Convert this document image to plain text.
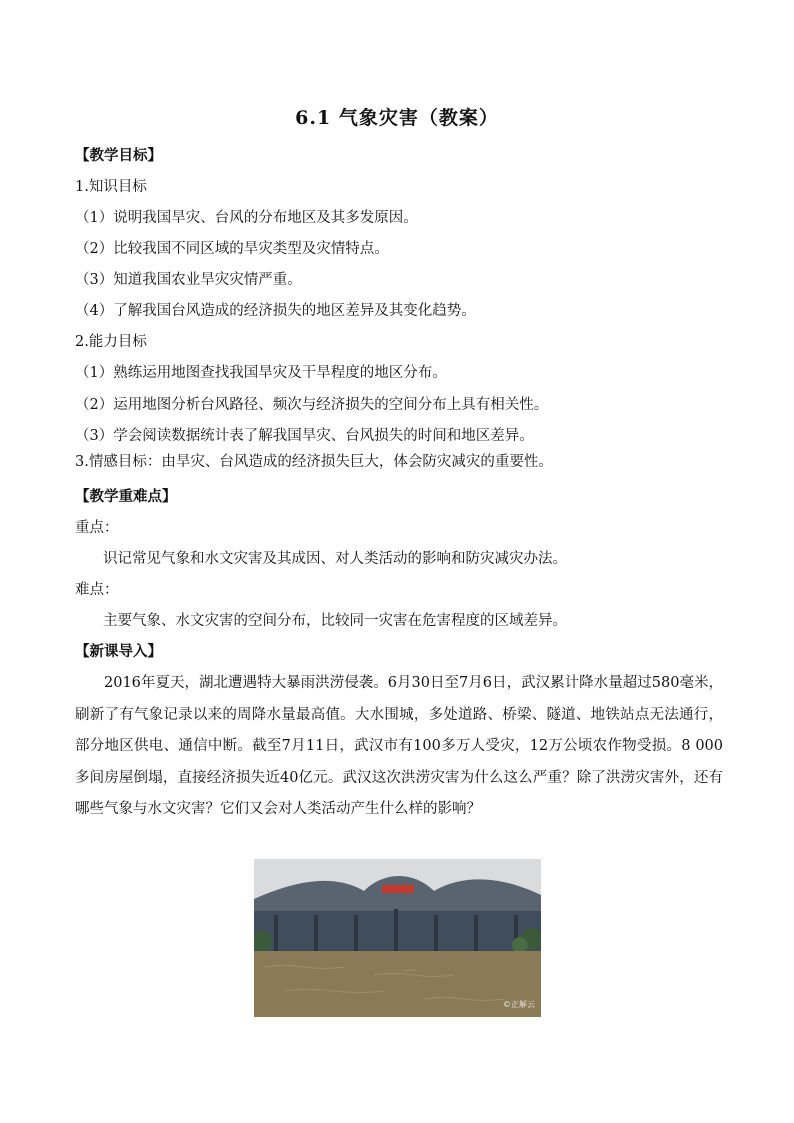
6.1 气象灾害（教案）
【教学目标】
1.知识目标
（1）说明我国旱灾、台风的分布地区及其多发原因。
（2）比较我国不同区域的旱灾类型及灾情特点。
（3）知道我国农业旱灾灾情严重。
（4）了解我国台风造成的经济损失的地区差异及其变化趋势。
2.能力目标
（1）熟练运用地图查找我国旱灾及干旱程度的地区分布。
（2）运用地图分析台风路径、频次与经济损失的空间分布上具有相关性。
（3）学会阅读数据统计表了解我国旱灾、台风损失的时间和地区差异。
3.情感目标：由旱灾、台风造成的经济损失巨大，体会防灾减灾的重要性。
【教学重难点】
重点：
识记常见气象和水文灾害及其成因、对人类活动的影响和防灾减灾办法。
难点：
主要气象、水文灾害的空间分布，比较同一灾害在危害程度的区域差异。
【新课导入】
2016年夏天，湖北遭遇特大暴雨洪涝侵袭。6月30日至7月6日，武汉累计降水量超过580毫米，刷新了有气象记录以来的周降水量最高值。大水围城，多处道路、桥梁、隧道、地铁站点无法通行，部分地区供电、通信中断。截至7月11日，武汉市有100多万人受灾，12万公顷农作物受损。8 000多间房屋倒塌，直接经济损失近40亿元。武汉这次洪涝灾害为什么这么严重？除了洪涝灾害外，还有哪些气象与水文灾害？它们又会对人类活动产生什么样的影响？
©正解云
